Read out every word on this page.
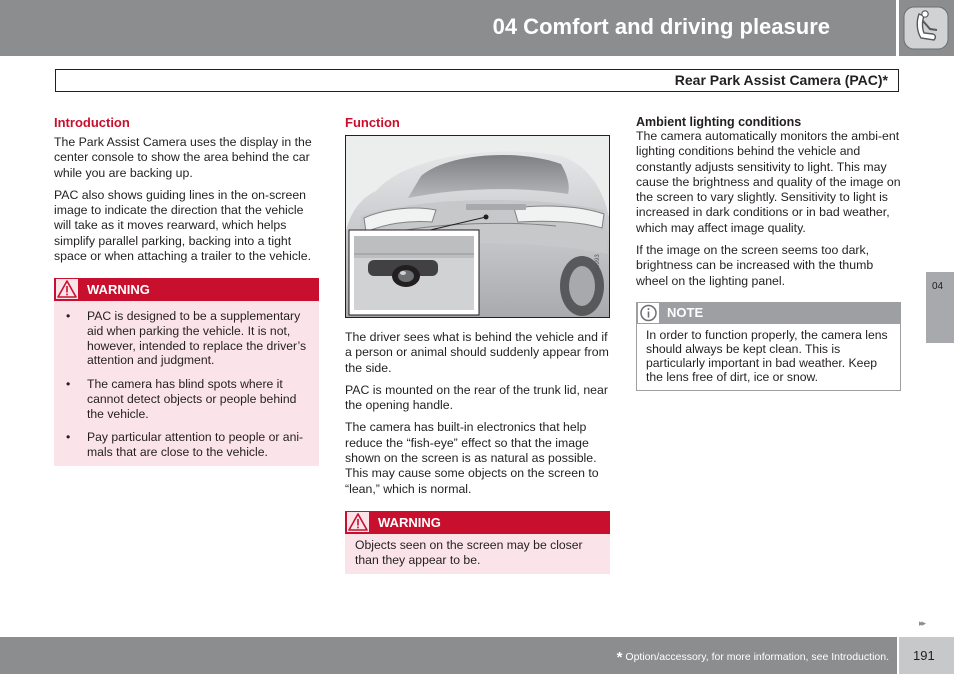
04 Comfort and driving pleasure
Rear Park Assist Camera (PAC)*
Introduction

The Park Assist Camera uses the display in the center console to show the area behind the car while you are backing up.

PAC also shows guiding lines in the on-screen image to indicate the direction that the vehicle will take as it moves rearward, which helps simplify parallel parking, backing into a tight space or when attaching a trailer to the vehicle.

WARNING
• PAC is designed to be a supplementary aid when parking the vehicle. It is not, however, intended to replace the driver’s attention and judgment.
• The camera has blind spots where it cannot detect objects or people behind the vehicle.
• Pay particular attention to people or ani-mals that are close to the vehicle.
Function
G040993

The driver sees what is behind the vehicle and if a person or animal should suddenly appear from the side.

PAC is mounted on the rear of the trunk lid, near the opening handle.

The camera has built-in electronics that help reduce the “fish-eye” effect so that the image shown on the screen is as natural as possible. This may cause some objects on the screen to “lean,” which is normal.

WARNING
Objects seen on the screen may be closer than they appear to be.
Ambient lighting conditions

The camera automatically monitors the ambi-ent lighting conditions behind the vehicle and constantly adjusts sensitivity to light. This may cause the brightness and quality of the image on the screen to vary slightly. Sensitivity to light is increased in dark conditions or in bad weather, which may affect image quality.

If the image on the screen seems too dark, brightness can be increased with the thumb wheel on the lighting panel.

NOTE
In order to function properly, the camera lens should always be kept clean. This is particularly important in bad weather. Keep the lens free of dirt, ice or snow.
04
▸▸
* Option/accessory, for more information, see Introduction. 191
